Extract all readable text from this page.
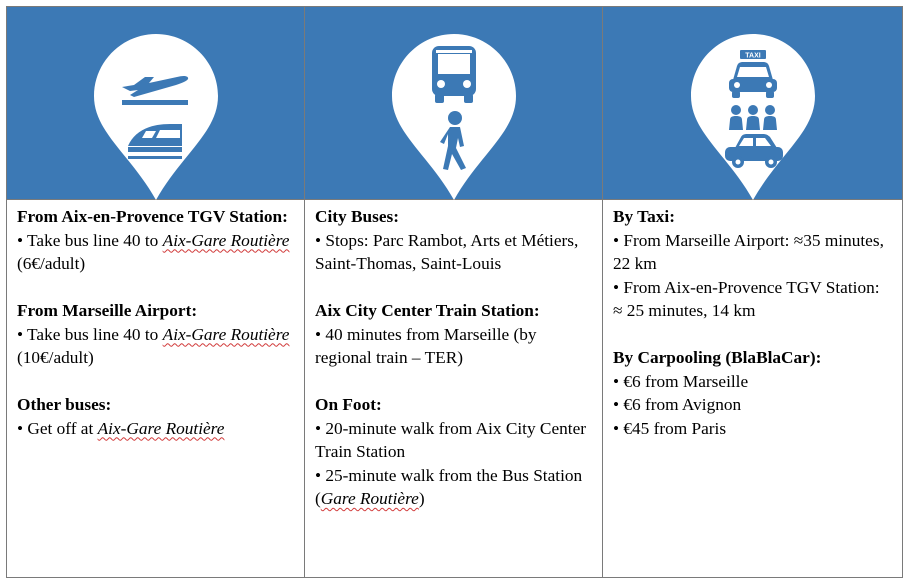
From Aix-en-Provence TGV Station:

• Take bus line 40 to Aix-Gare Routière (6€/adult)

From Marseille Airport:

• Take bus line 40 to Aix-Gare Routière (10€/adult)

Other buses:

• Get off at Aix-Gare Routière

City Buses:

• Stops: Parc Rambot, Arts et Métiers, Saint-Thomas, Saint-Louis

Aix City Center Train Station:

• 40 minutes from Marseille (by regional train – TER)

On Foot:

• 20-minute walk from Aix City Center Train Station

• 25-minute walk from the Bus Station (Gare Routière)

TAXI

By Taxi:

• From Marseille Airport: ≈35 minutes, 22 km

• From Aix-en-Provence TGV Station: ≈ 25 minutes, 14 km

By Carpooling (BlaBlaCar):

• €6 from Marseille

• €6 from Avignon

• €45 from Paris
